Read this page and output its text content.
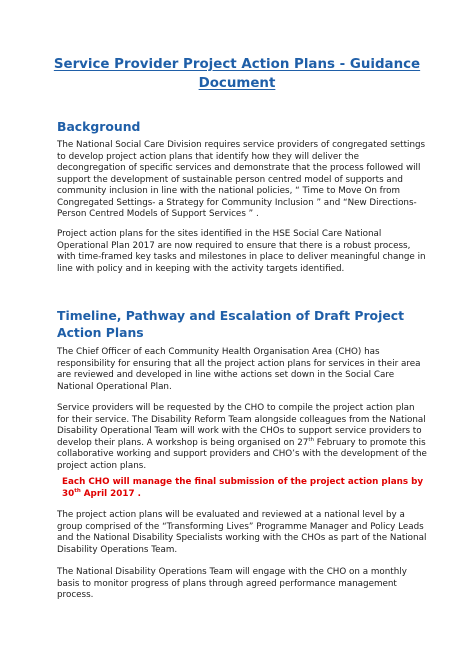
Service Provider Project Action Plans - Guidance Document
Background

The National Social Care Division requires service providers of congregated settings to develop project action plans that identify how they will deliver the decongregation of specific services and demonstrate that the process followed will support the development of sustainable person centred model of supports and community inclusion in line with the national policies, “ Time to Move On from Congregated Settings- a Strategy for Community Inclusion ” and “New Directions- Person Centred Models of Support Services ” .

Project action plans for the sites identified in the HSE Social Care National Operational Plan 2017 are now required to ensure that there is a robust process, with time-framed key tasks and milestones in place to deliver meaningful change in line with policy and in keeping with the activity targets identified.

Timeline, Pathway and Escalation of Draft Project Action Plans

The Chief Officer of each Community Health Organisation Area (CHO) has responsibility for ensuring that all the project action plans for services in their area are reviewed and developed in line withe actions set down in the Social Care National Operational Plan.

Service providers will be requested by the CHO to compile the project action plan for their service. The Disability Reform Team alongside colleagues from the National Disability Operational Team will work with the CHOs to support service providers to develop their plans. A workshop is being organised on 27th February to promote this collaborative working and support providers and CHO’s with the development of the project action plans.

Each CHO will manage the final submission of the project action plans by 30th April 2017 .

The project action plans will be evaluated and reviewed at a national level by a group comprised of the “Transforming Lives” Programme Manager and Policy Leads and the National Disability Specialists working with the CHOs as part of the National Disability Operations Team.

The National Disability Operations Team will engage with the CHO on a monthly basis to monitor progress of plans through agreed performance management process.
